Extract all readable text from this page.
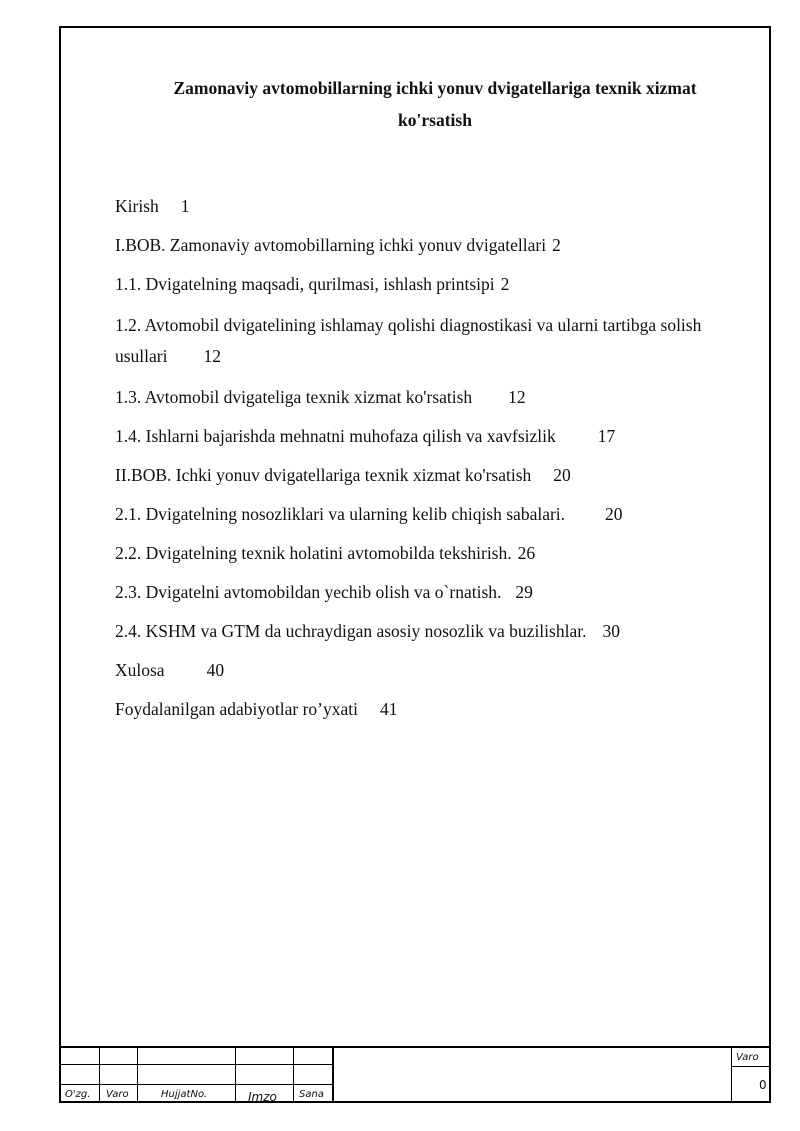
Zamonaviy avtomobillarning ichki yonuv dvigatellariga texnik xizmat
ko'rsatish
Kirish 1
I.BOB. Zamonaviy avtomobillarning ichki yonuv dvigatellari 2
1.1. Dvigatelning maqsadi, qurilmasi, ishlash printsipi 2
1.2. Avtomobil dvigatelining ishlamay qolishi diagnostikasi va ularni tartibga solish usullari 12
1.3. Avtomobil dvigateliga texnik xizmat ko'rsatish 12
1.4. Ishlarni bajarishda mehnatni muhofaza qilish va xavfsizlik 17
II.BOB. Ichki yonuv dvigatellariga texnik xizmat ko'rsatish 20
2.1. Dvigatelning nosozliklari va ularning kelib chiqish sabalari. 20
2.2. Dvigatelning texnik holatini avtomobilda tekshirish. 26
2.3. Dvigatelni avtomobildan yechib olish va o`rnatish. 29
2.4. KSHM va GTM da uchraydigan asosiy nosozlik va buzilishlar. 30
Xulosa 40
Foydalanilgan adabiyotlar ro’yxati 41
O'zg. Varo	HujjatNo.	Imzo Sana
Varo
0
